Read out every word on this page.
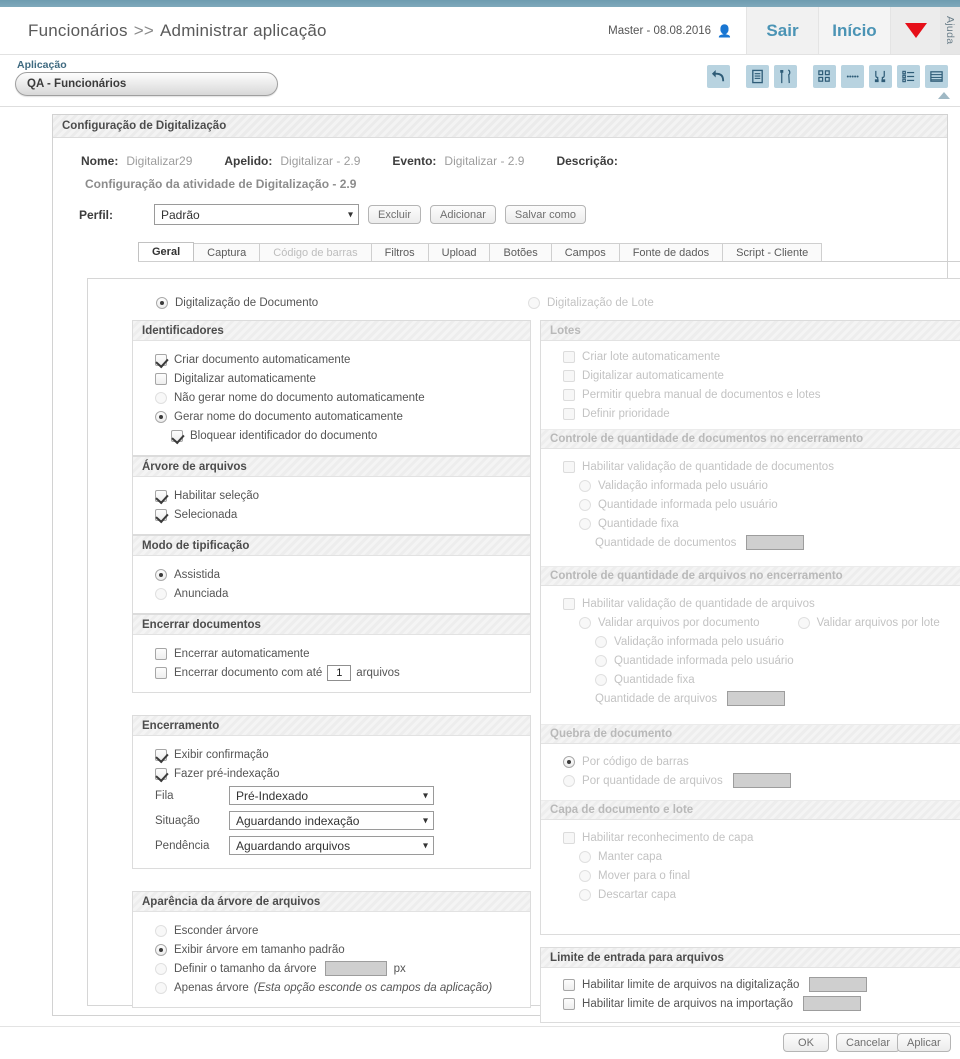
Funcionários >> Administrar aplicação	Master - 08.08.2016 👤	Sair	Início	Ajuda
Aplicação
QA - Funcionários
Configuração de Digitalização
Nome: Digitalizar29	Apelido: Digitalizar - 2.9	Evento: Digitalizar - 2.9	Descrição:
Configuração da atividade de Digitalização - 2.9
Perfil:	Padrão ▾	Excluir	Adicionar	Salvar como
Geral	Captura	Código de barras	Filtros	Upload	Botões	Campos	Fonte de dados	Script - Cliente
Digitalização de Documento	Digitalização de Lote
Identificadores
Criar documento automaticamente
Digitalizar automaticamente
Não gerar nome do documento automaticamente
Gerar nome do documento automaticamente
Bloquear identificador do documento
Árvore de arquivos
Habilitar seleção
Selecionada
Modo de tipificação
Assistida
Anunciada
Encerrar documentos
Encerrar automaticamente
Encerrar documento com até	1	arquivos
Encerramento
Exibir confirmação
Fazer pré-indexação
Fila	Pré-Indexado ▾
Situação	Aguardando indexação ▾
Pendência	Aguardando arquivos ▾
Aparência da árvore de arquivos
Esconder árvore
Exibir árvore em tamanho padrão
Definir o tamanho da árvore	px
Apenas árvore (Esta opção esconde os campos da aplicação)
Lotes
Criar lote automaticamente
Digitalizar automaticamente
Permitir quebra manual de documentos e lotes
Definir prioridade
Controle de quantidade de documentos no encerramento
Habilitar validação de quantidade de documentos
Validação informada pelo usuário
Quantidade informada pelo usuário
Quantidade fixa
Quantidade de documentos
Controle de quantidade de arquivos no encerramento
Habilitar validação de quantidade de arquivos
Validar arquivos por documento	Validar arquivos por lote
Validação informada pelo usuário
Quantidade informada pelo usuário
Quantidade fixa
Quantidade de arquivos
Quebra de documento
Por código de barras
Por quantidade de arquivos
Capa de documento e lote
Habilitar reconhecimento de capa
Manter capa
Mover para o final
Descartar capa
Limite de entrada para arquivos
Habilitar limite de arquivos na digitalização
Habilitar limite de arquivos na importação
OK	Cancelar	Aplicar
